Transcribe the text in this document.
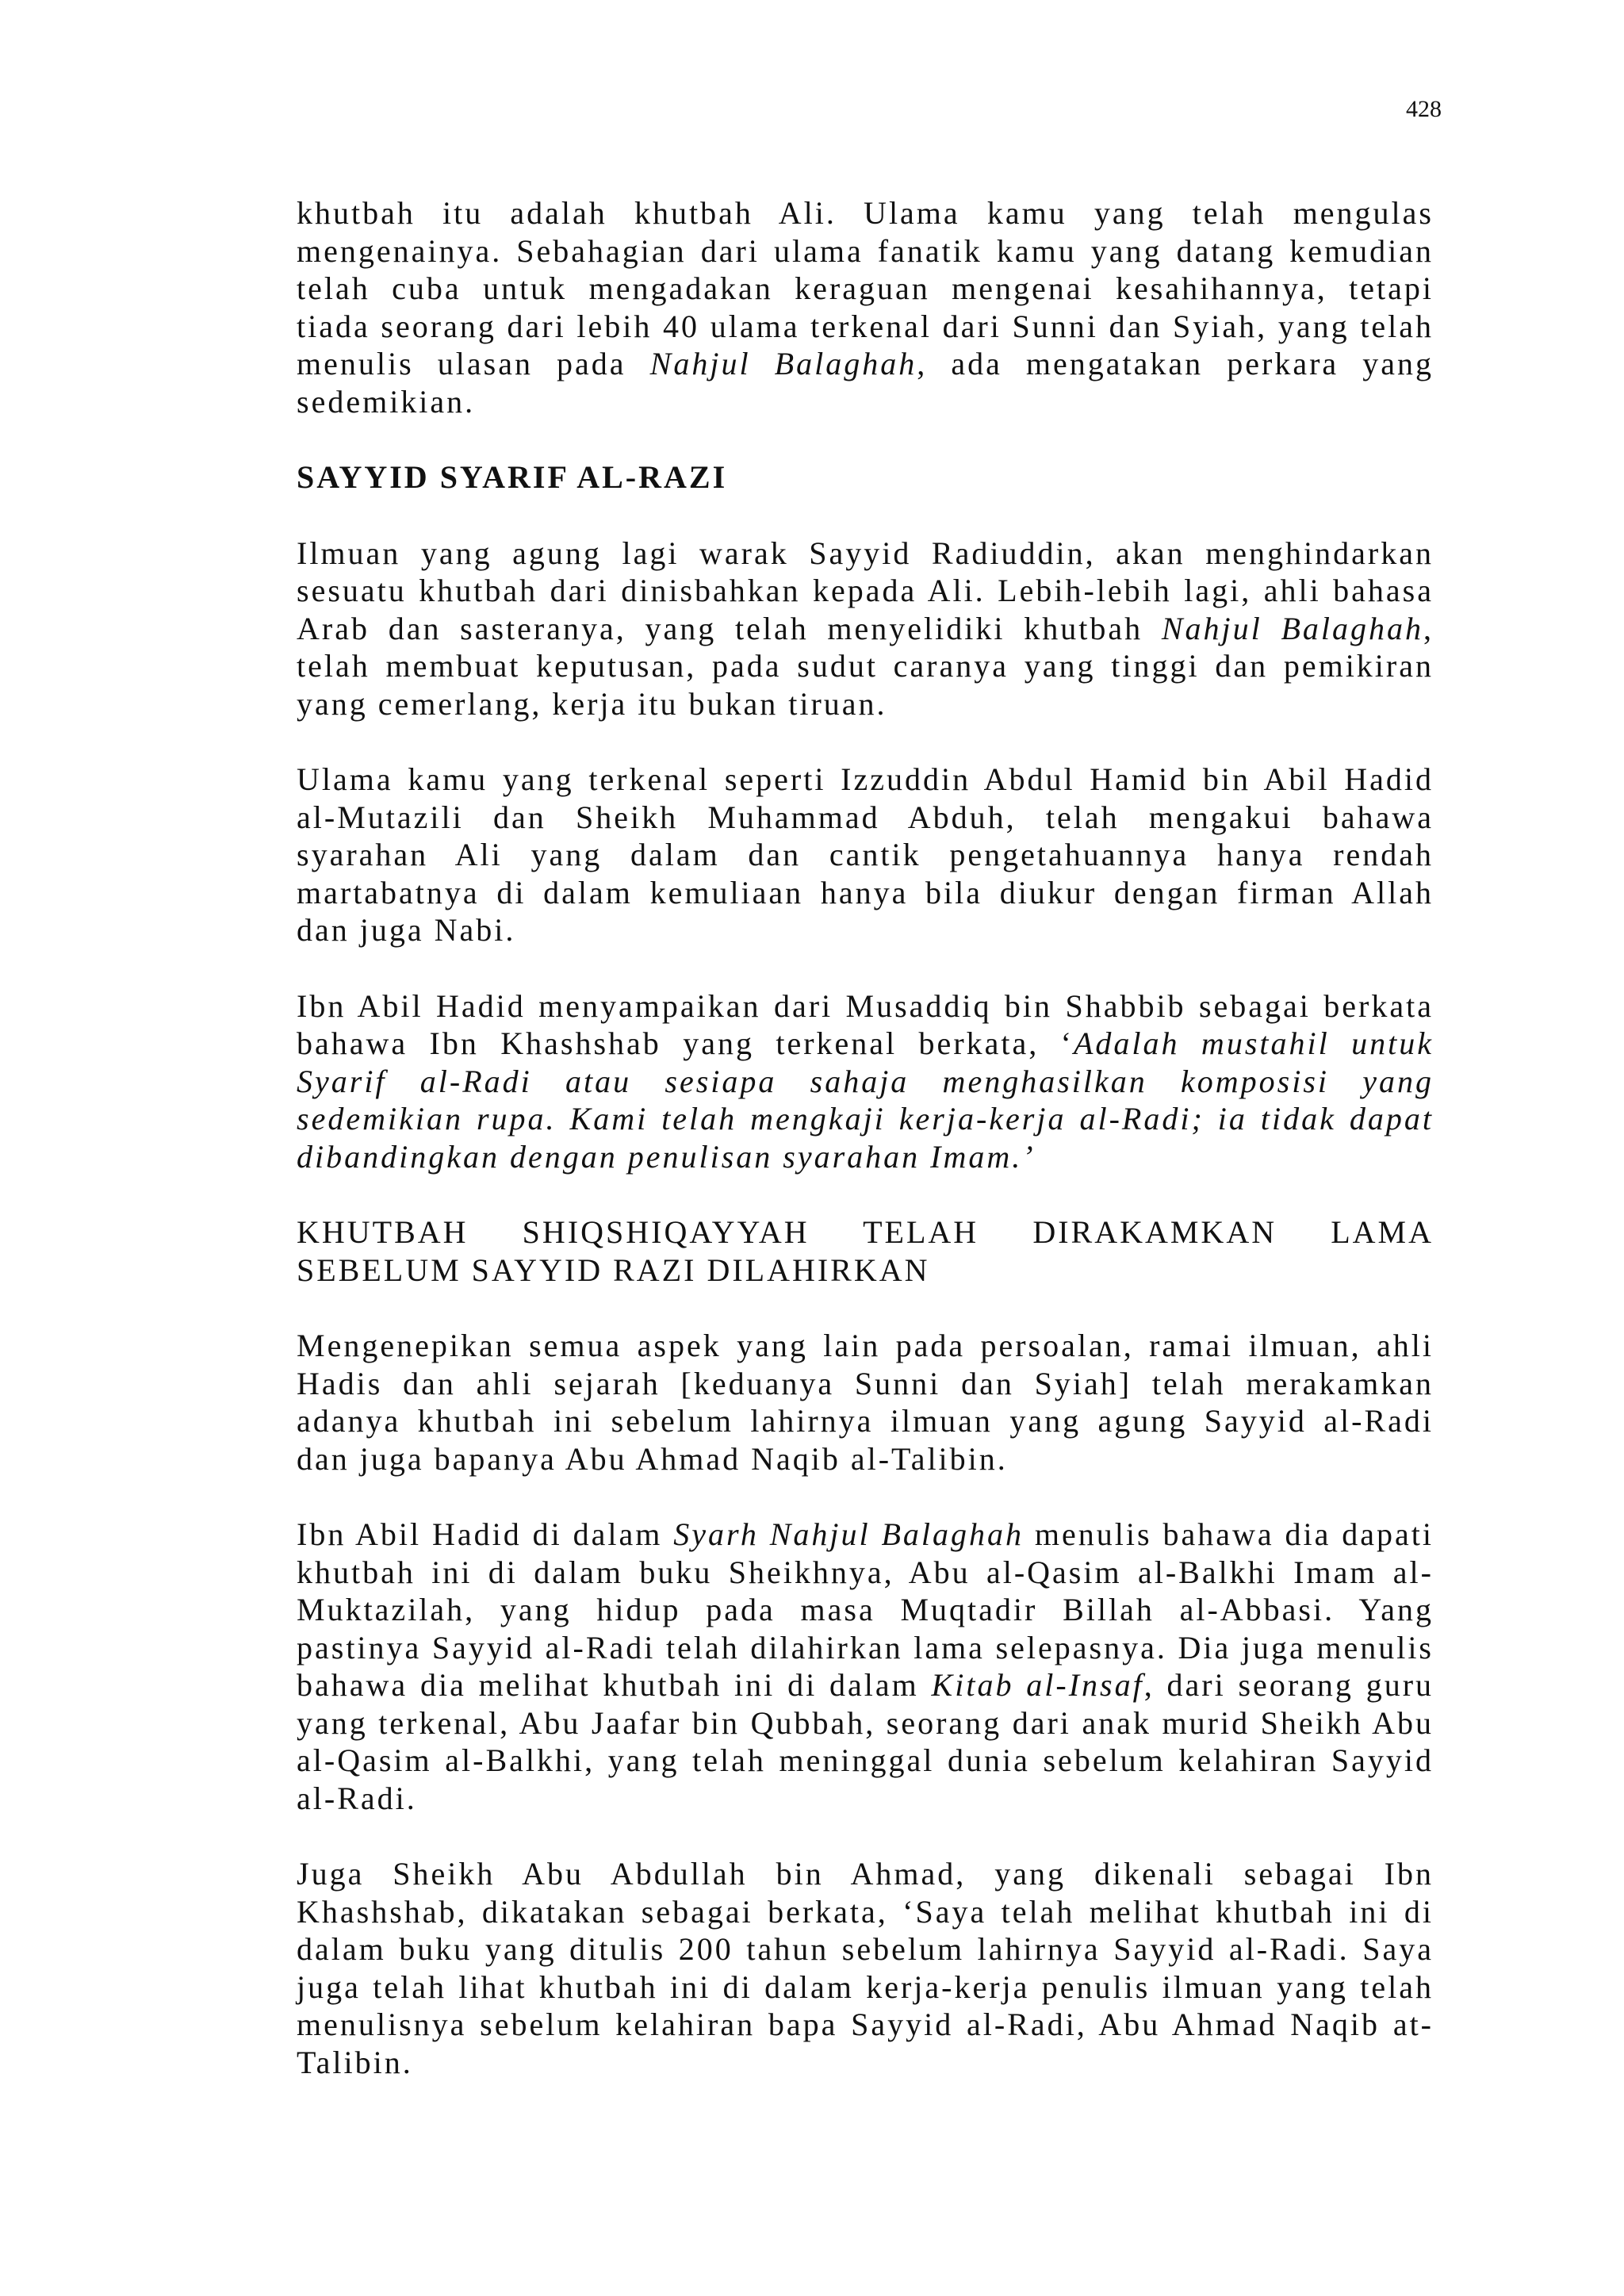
428

khutbah itu adalah khutbah Ali. Ulama kamu yang telah mengulas mengenainya. Sebahagian dari ulama fanatik kamu yang datang kemudian telah cuba untuk mengadakan keraguan mengenai kesahihannya, tetapi tiada seorang dari lebih 40 ulama terkenal dari Sunni dan Syiah, yang telah menulis ulasan pada Nahjul Balaghah, ada mengatakan perkara yang sedemikian.

SAYYID SYARIF AL-RAZI

Ilmuan yang agung lagi warak Sayyid Radiuddin, akan menghindarkan sesuatu khutbah dari dinisbahkan kepada Ali. Lebih-lebih lagi, ahli bahasa Arab dan sasteranya, yang telah menyelidiki khutbah Nahjul Balaghah, telah membuat keputusan, pada sudut caranya yang tinggi dan pemikiran yang cemerlang, kerja itu bukan tiruan.

Ulama kamu yang terkenal seperti Izzuddin Abdul Hamid bin Abil Hadid al-Mutazili dan Sheikh Muhammad Abduh, telah mengakui bahawa syarahan Ali yang dalam dan cantik pengetahuannya hanya rendah martabatnya di dalam kemuliaan hanya bila diukur dengan firman Allah dan juga Nabi.

Ibn Abil Hadid menyampaikan dari Musaddiq bin Shabbib sebagai berkata bahawa Ibn Khashshab yang terkenal berkata, ‘Adalah mustahil untuk Syarif al-Radi atau sesiapa sahaja menghasilkan komposisi yang sedemikian rupa. Kami telah mengkaji kerja-kerja al-Radi; ia tidak dapat dibandingkan dengan penulisan syarahan Imam.’

KHUTBAH SHIQSHIQAYYAH TELAH DIRAKAMKAN LAMA
SEBELUM SAYYID RAZI DILAHIRKAN

Mengenepikan semua aspek yang lain pada persoalan, ramai ilmuan, ahli Hadis dan ahli sejarah [keduanya Sunni dan Syiah] telah merakamkan adanya khutbah ini sebelum lahirnya ilmuan yang agung Sayyid al-Radi dan juga bapanya Abu Ahmad Naqib al-Talibin.

Ibn Abil Hadid di dalam Syarh Nahjul Balaghah menulis bahawa dia dapati khutbah ini di dalam buku Sheikhnya, Abu al-Qasim al-Balkhi Imam al-Muktazilah, yang hidup pada masa Muqtadir Billah al-Abbasi. Yang pastinya Sayyid al-Radi telah dilahirkan lama selepasnya. Dia juga menulis bahawa dia melihat khutbah ini di dalam Kitab al-Insaf, dari seorang guru yang terkenal, Abu Jaafar bin Qubbah, seorang dari anak murid Sheikh Abu al-Qasim al-Balkhi, yang telah meninggal dunia sebelum kelahiran Sayyid al-Radi.

Juga Sheikh Abu Abdullah bin Ahmad, yang dikenali sebagai Ibn Khashshab, dikatakan sebagai berkata, ‘Saya telah melihat khutbah ini di dalam buku yang ditulis 200 tahun sebelum lahirnya Sayyid al-Radi. Saya juga telah lihat khutbah ini di dalam kerja-kerja penulis ilmuan yang telah menulisnya sebelum kelahiran bapa Sayyid al-Radi, Abu Ahmad Naqib at-Talibin.
